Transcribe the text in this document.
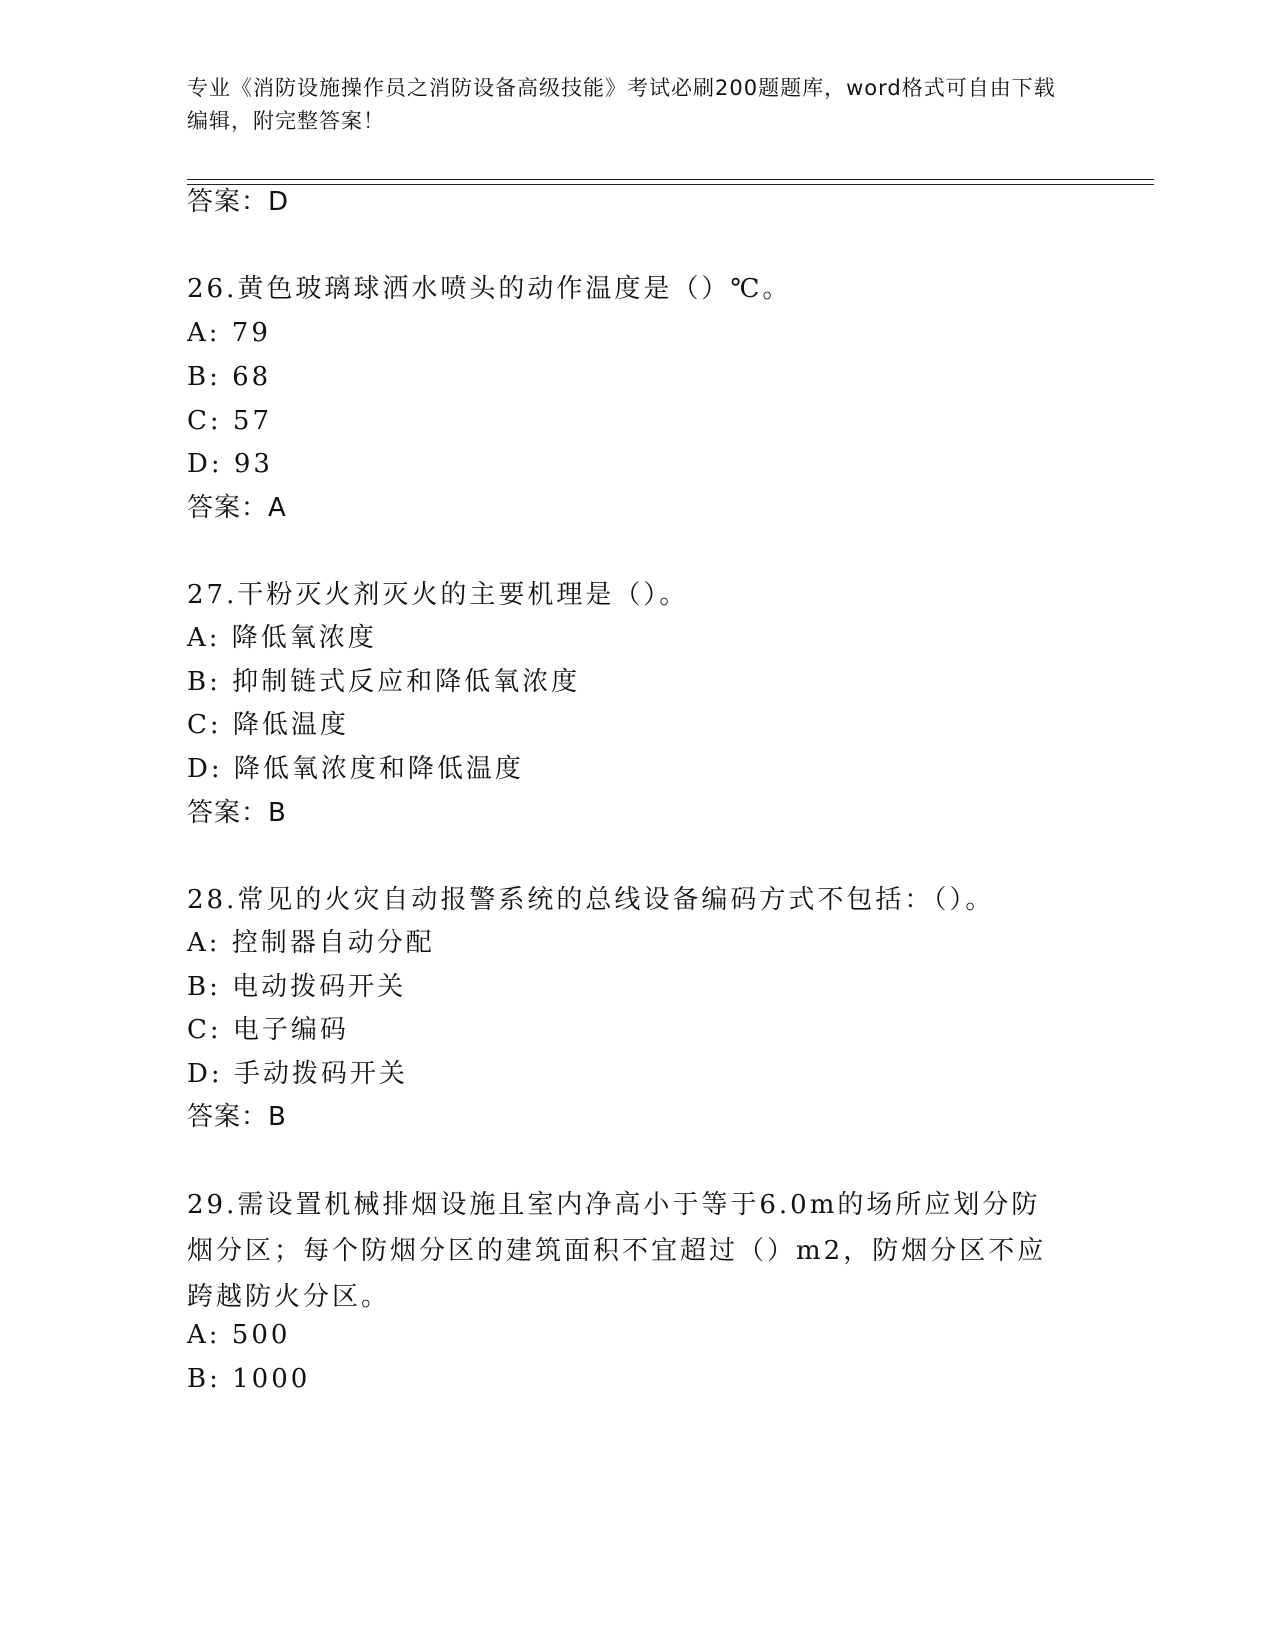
专业《消防设施操作员之消防设备高级技能》考试必刷200题题库，word格式可自由下载编辑，附完整答案！
答案：D
26.黄色玻璃球洒水喷头的动作温度是（）℃。
A: 79
B: 68
C: 57
D: 93
答案：A
27.干粉灭火剂灭火的主要机理是（）。
A: 降低氧浓度
B: 抑制链式反应和降低氧浓度
C: 降低温度
D: 降低氧浓度和降低温度
答案：B
28.常见的火灾自动报警系统的总线设备编码方式不包括：（）。
A: 控制器自动分配
B: 电动拨码开关
C: 电子编码
D: 手动拨码开关
答案：B
29.需设置机械排烟设施且室内净高小于等于6.0m的场所应划分防烟分区；每个防烟分区的建筑面积不宜超过（）m2，防烟分区不应跨越防火分区。
A: 500
B: 1000
